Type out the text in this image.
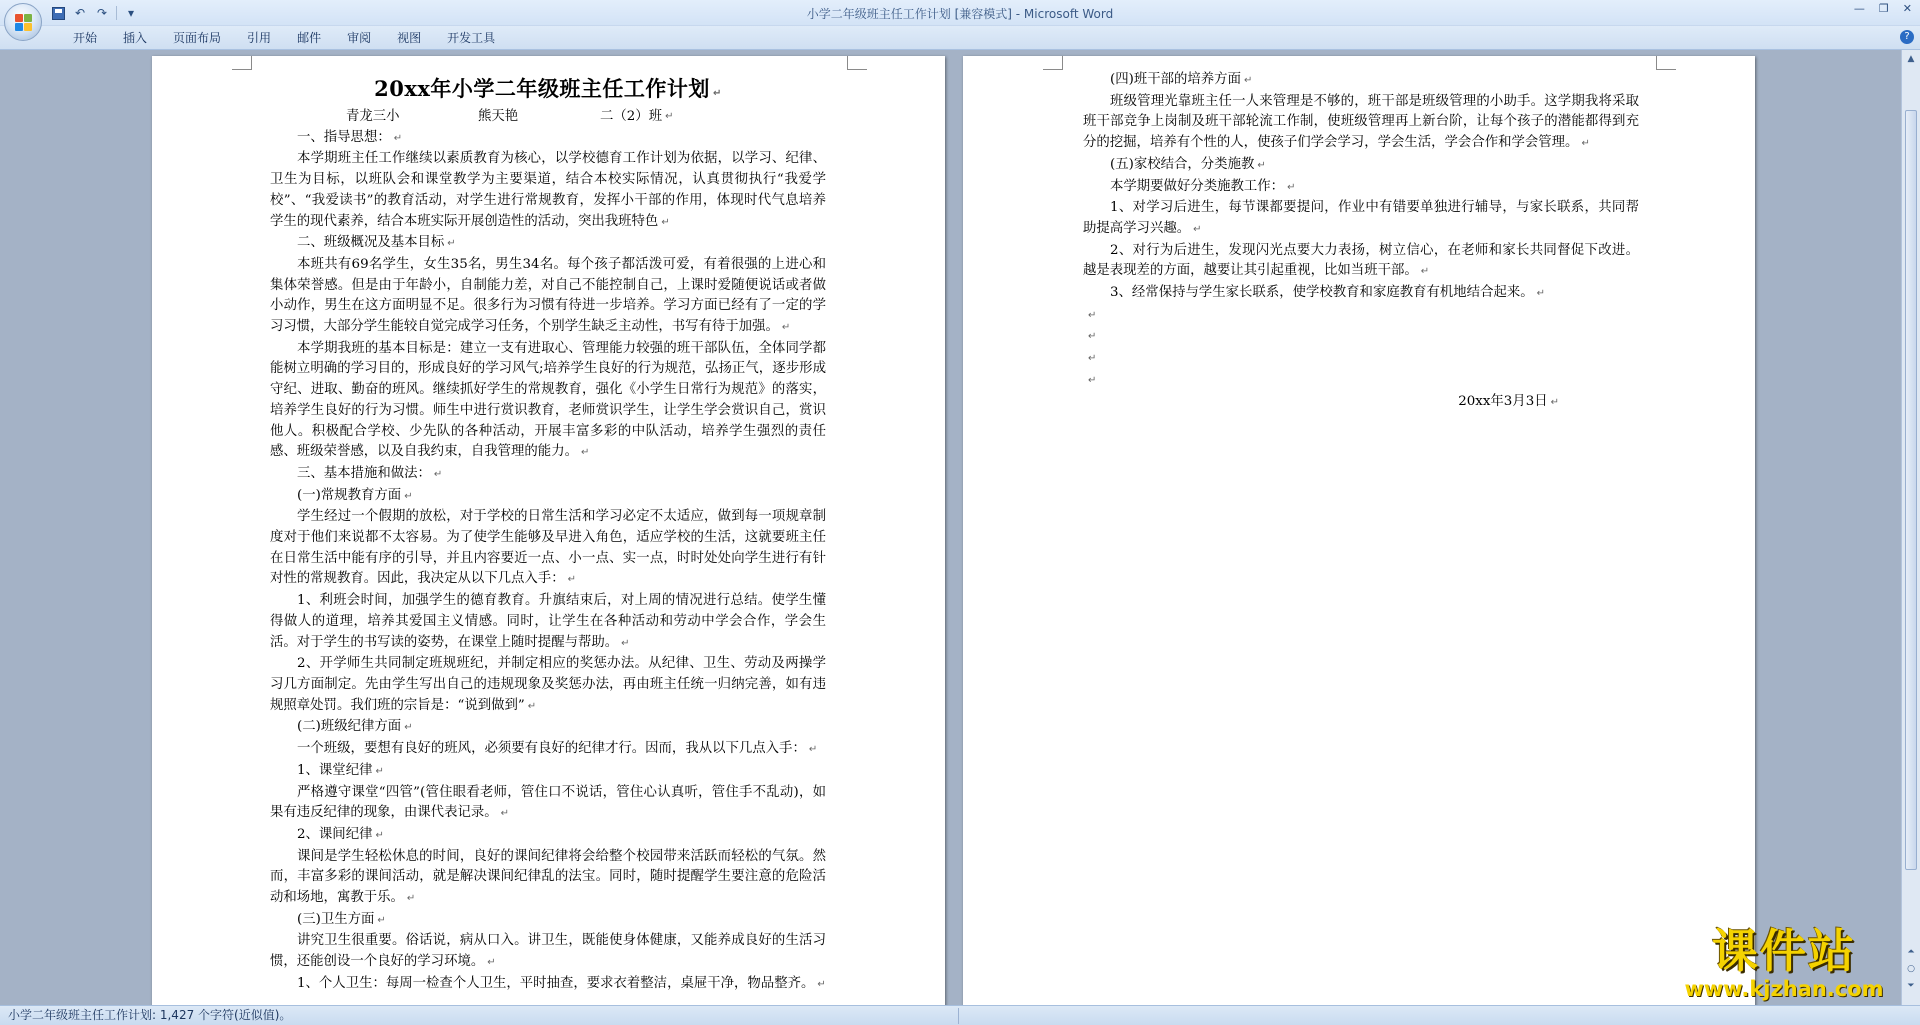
↶ ↷	▾	小学二年级班主任工作计划 [兼容模式] - Microsoft Word	— ❐ ✕
开始	插入	页面布局	引用	邮件	审阅	视图	开发工具	?
20xx年小学二年级班主任工作计划 ↵
青龙三小	熊天艳	二（2）班 ↵

一、指导思想： ↵

本学期班主任工作继续以素质教育为核心，以学校德育工作计划为依据，以学习、纪律、卫生为目标，以班队会和课堂教学为主要渠道，结合本校实际情况，认真贯彻执行“我爱学校”、“我爱读书”的教育活动，对学生进行常规教育，发挥小干部的作用，体现时代气息培养学生的现代素养，结合本班实际开展创造性的活动，突出我班特色 ↵

二、班级概况及基本目标 ↵

本班共有69名学生，女生35名，男生34名。每个孩子都活泼可爱，有着很强的上进心和集体荣誉感。但是由于年龄小，自制能力差，对自己不能控制自己，上课时爱随便说话或者做小动作，男生在这方面明显不足。很多行为习惯有待进一步培养。学习方面已经有了一定的学习习惯，大部分学生能较自觉完成学习任务，个别学生缺乏主动性，书写有待于加强。 ↵

本学期我班的基本目标是：建立一支有进取心、管理能力较强的班干部队伍，全体同学都能树立明确的学习目的，形成良好的学习风气;培养学生良好的行为规范，弘扬正气，逐步形成守纪、进取、勤奋的班风。继续抓好学生的常规教育，强化《小学生日常行为规范》的落实，培养学生良好的行为习惯。师生中进行赏识教育，老师赏识学生，让学生学会赏识自己，赏识他人。积极配合学校、少先队的各种活动，开展丰富多彩的中队活动，培养学生强烈的责任感、班级荣誉感，以及自我约束，自我管理的能力。 ↵

三、基本措施和做法： ↵

(一)常规教育方面 ↵

学生经过一个假期的放松，对于学校的日常生活和学习必定不太适应，做到每一项规章制度对于他们来说都不太容易。为了使学生能够及早进入角色，适应学校的生活，这就要班主任在日常生活中能有序的引导，并且内容要近一点、小一点、实一点，时时处处向学生进行有针对性的常规教育。因此，我决定从以下几点入手： ↵

1、利班会时间，加强学生的德育教育。升旗结束后，对上周的情况进行总结。使学生懂得做人的道理，培养其爱国主义情感。同时，让学生在各种活动和劳动中学会合作，学会生活。对于学生的书写读的姿势，在课堂上随时提醒与帮助。 ↵

2、开学师生共同制定班规班纪，并制定相应的奖惩办法。从纪律、卫生、劳动及两操学习几方面制定。先由学生写出自己的违规现象及奖惩办法，再由班主任统一归纳完善，如有违规照章处罚。我们班的宗旨是：“说到做到” ↵

(二)班级纪律方面 ↵

一个班级，要想有良好的班风，必须要有良好的纪律才行。因而，我从以下几点入手： ↵

1、课堂纪律 ↵

严格遵守课堂“四管”(管住眼看老师，管住口不说话，管住心认真听，管住手不乱动)，如果有违反纪律的现象，由课代表记录。 ↵

2、课间纪律 ↵

课间是学生轻松休息的时间，良好的课间纪律将会给整个校园带来活跃而轻松的气氛。然而，丰富多彩的课间活动，就是解决课间纪律乱的法宝。同时，随时提醒学生要注意的危险活动和场地，寓教于乐。 ↵

(三)卫生方面 ↵

讲究卫生很重要。俗话说，病从口入。讲卫生，既能使身体健康，又能养成良好的生活习惯，还能创设一个良好的学习环境。 ↵

1、个人卫生：每周一检查个人卫生，平时抽查，要求衣着整洁，桌屉干净，物品整齐。 ↵

(四)班干部的培养方面 ↵

班级管理光靠班主任一人来管理是不够的，班干部是班级管理的小助手。这学期我将采取班干部竞争上岗制及班干部轮流工作制，使班级管理再上新台阶，让每个孩子的潜能都得到充分的挖掘，培养有个性的人，使孩子们学会学习，学会生活，学会合作和学会管理。 ↵

(五)家校结合，分类施教 ↵

本学期要做好分类施教工作： ↵

1、对学习后进生，每节课都要提问，作业中有错要单独进行辅导，与家长联系，共同帮助提高学习兴趣。 ↵

2、对行为后进生，发现闪光点要大力表扬，树立信心，在老师和家长共同督促下改进。越是表现差的方面，越要让其引起重视，比如当班干部。 ↵

3、经常保持与学生家长联系，使学校教育和家庭教育有机地结合起来。 ↵

↵

↵

↵

↵

20xx年3月3日 ↵

▲
⏶
○
⏷
小学二年级班主任工作计划: 1,427 个字符(近似值)。
课件站
www.kjzhan.com
